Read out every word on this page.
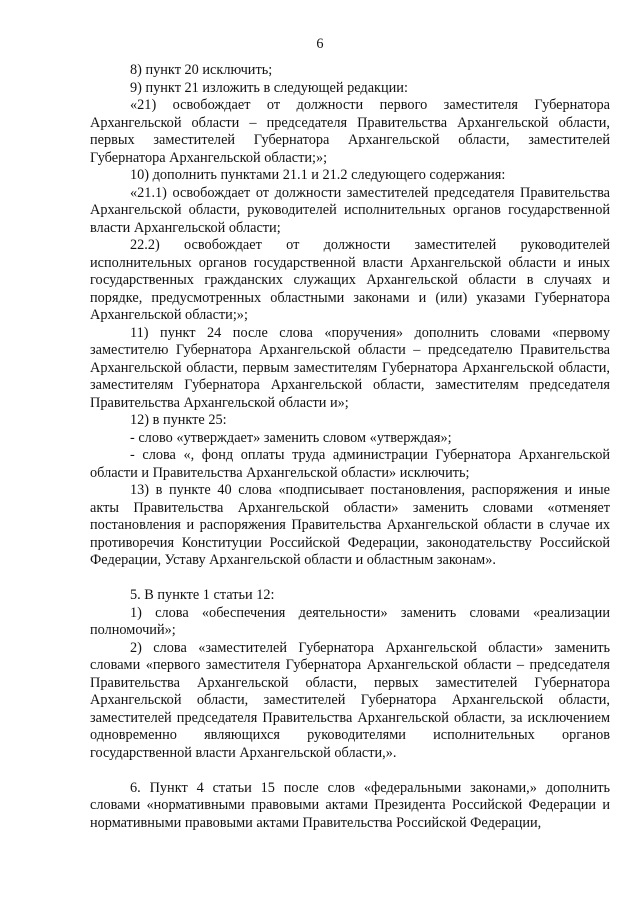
6

8) пункт 20 исключить;

9) пункт 21 изложить в следующей редакции:

«21) освобождает от должности первого заместителя Губернатора Архангельской области – председателя Правительства Архангельской области, первых заместителей Губернатора Архангельской области, заместителей Губернатора Архангельской области;»;

10) дополнить пунктами 21.1 и 21.2 следующего содержания:

«21.1) освобождает от должности заместителей председателя Правительства Архангельской области, руководителей исполнительных органов государственной власти Архангельской области;

22.2) освобождает от должности заместителей руководителей исполнительных органов государственной власти Архангельской области и иных государственных гражданских служащих Архангельской области в случаях и порядке, предусмотренных областными законами и (или) указами Губернатора Архангельской области;»;

11) пункт 24 после слова «поручения» дополнить словами «первому заместителю Губернатора Архангельской области – председателю Правительства Архангельской области, первым заместителям Губернатора Архангельской области, заместителям Губернатора Архангельской области, заместителям председателя Правительства Архангельской области и»;

12) в пункте 25:

- слово «утверждает» заменить словом «утверждая»;

- слова «, фонд оплаты труда администрации Губернатора Архангельской области и Правительства Архангельской области» исключить;

13) в пункте 40 слова «подписывает постановления, распоряжения и иные акты Правительства Архангельской области» заменить словами «отменяет постановления и распоряжения Правительства Архангельской области в случае их противоречия Конституции Российской Федерации, законодательству Российской Федерации, Уставу Архангельской области и областным законам».

5. В пункте 1 статьи 12:

1) слова «обеспечения деятельности» заменить словами «реализации полномочий»;

2) слова «заместителей Губернатора Архангельской области» заменить словами «первого заместителя Губернатора Архангельской области – председателя Правительства Архангельской области, первых заместителей Губернатора Архангельской области, заместителей Губернатора Архангельской области, заместителей председателя Правительства Архангельской области, за исключением одновременно являющихся руководителями исполнительных органов государственной власти Архангельской области,».

6. Пункт 4 статьи 15 после слов «федеральными законами,» дополнить словами «нормативными правовыми актами Президента Российской Федерации и нормативными правовыми актами Правительства Российской Федерации,
